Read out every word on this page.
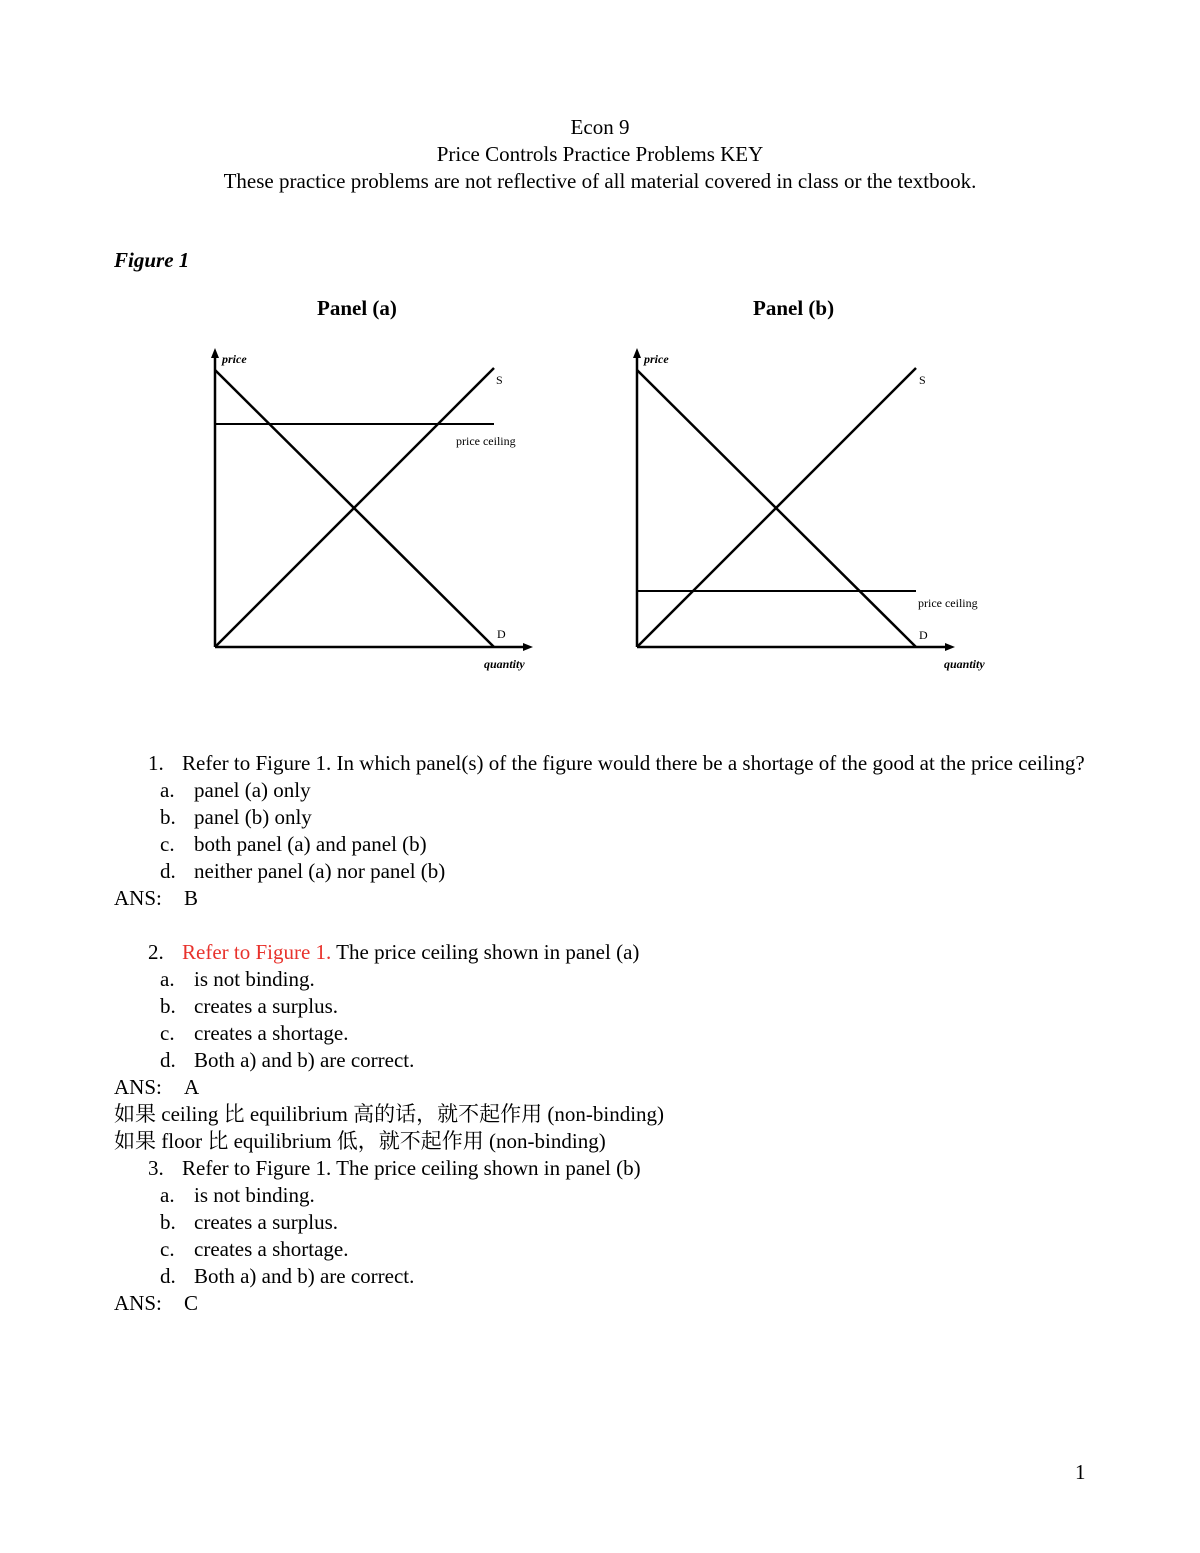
Econ 9
Price Controls Practice Problems KEY
These practice problems are not reflective of all material covered in class or the textbook.
Figure 1
Panel (a)	Panel (b)
price
S
price ceiling
D
quantity
price
S
price ceiling
D
quantity
1. Refer to Figure 1. In which panel(s) of the figure would there be a shortage of the good at the price ceiling?
a. panel (a) only
b. panel (b) only
c. both panel (a) and panel (b)
d. neither panel (a) nor panel (b)
ANS: B
2. Refer to Figure 1. The price ceiling shown in panel (a)
a. is not binding.
b. creates a surplus.
c. creates a shortage.
d. Both a) and b) are correct.
ANS: A
如果 ceiling 比 equilibrium 高的话，就不起作用 (non-binding)
如果 floor 比 equilibrium 低，就不起作用 (non-binding)
3. Refer to Figure 1. The price ceiling shown in panel (b)
a. is not binding.
b. creates a surplus.
c. creates a shortage.
d. Both a) and b) are correct.
ANS: C
1
